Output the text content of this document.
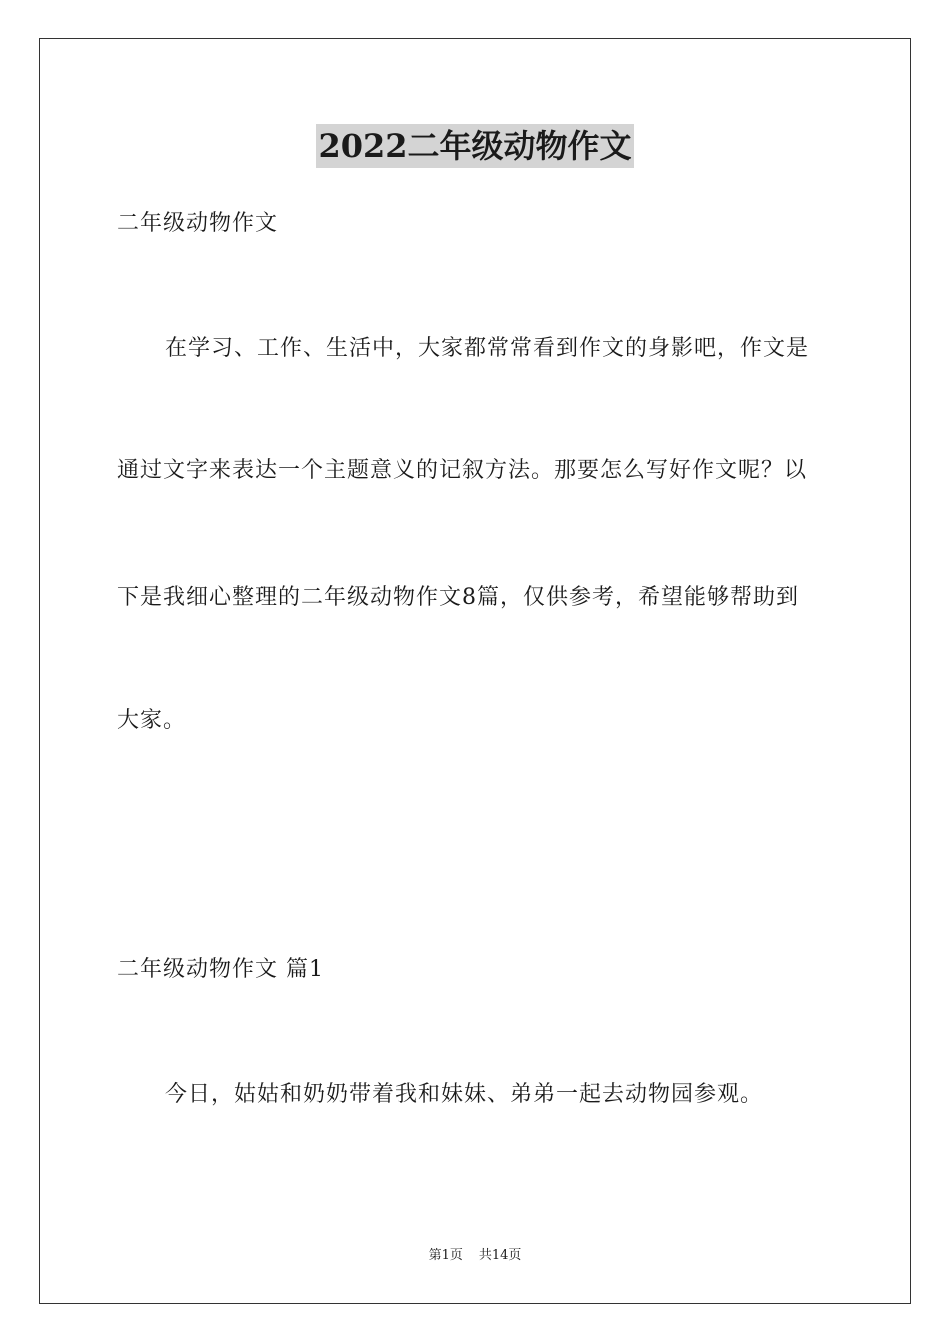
2022二年级动物作文
二年级动物作文
在学习、工作、生活中，大家都常常看到作文的身影吧，作文是
通过文字来表达一个主题意义的记叙方法。那要怎么写好作文呢？以
下是我细心整理的二年级动物作文8篇，仅供参考，希望能够帮助到
大家。
二年级动物作文 篇1
今日，姑姑和奶奶带着我和妹妹、弟弟一起去动物园参观。
第1页 共14页
